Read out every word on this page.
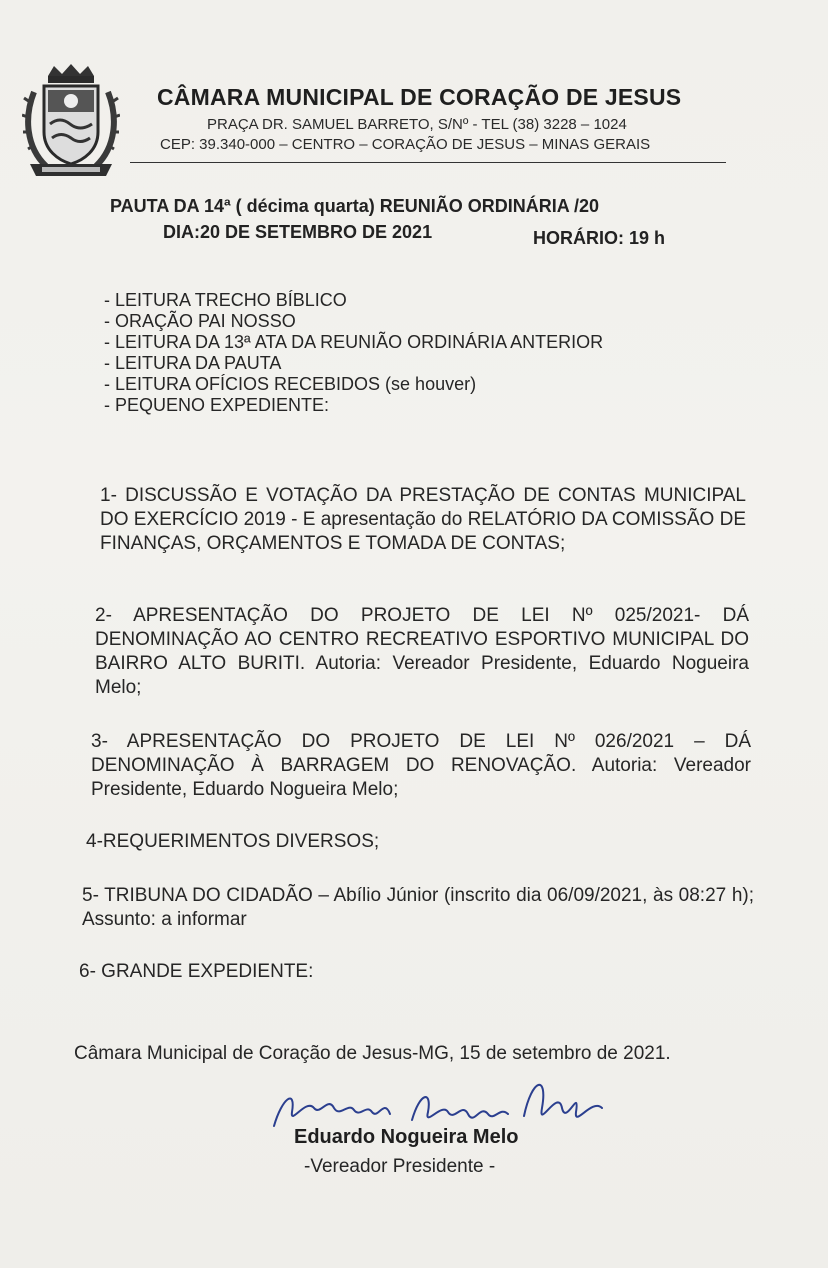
CÂMARA MUNICIPAL DE CORAÇÃO DE JESUS
PRAÇA DR. SAMUEL BARRETO, S/Nº - TEL (38) 3228 – 1024
CEP: 39.340-000 – CENTRO – CORAÇÃO DE JESUS – MINAS GERAIS
PAUTA DA 14ª ( décima quarta) REUNIÃO ORDINÁRIA /20
DIA:20 DE SETEMBRO DE 2021	HORÁRIO: 19 h
- LEITURA TRECHO BÍBLICO
- ORAÇÃO PAI NOSSO
- LEITURA DA 13ª ATA DA REUNIÃO ORDINÁRIA ANTERIOR
- LEITURA DA PAUTA
- LEITURA OFÍCIOS RECEBIDOS (se houver)
- PEQUENO EXPEDIENTE:
1- DISCUSSÃO E VOTAÇÃO DA PRESTAÇÃO DE CONTAS MUNICIPAL DO EXERCÍCIO 2019 - E apresentação do RELATÓRIO DA COMISSÃO DE FINANÇAS, ORÇAMENTOS E TOMADA DE CONTAS;
2- APRESENTAÇÃO DO PROJETO DE LEI Nº 025/2021- DÁ DENOMINAÇÃO AO CENTRO RECREATIVO ESPORTIVO MUNICIPAL DO BAIRRO ALTO BURITI. Autoria: Vereador Presidente, Eduardo Nogueira Melo;
3- APRESENTAÇÃO DO PROJETO DE LEI Nº 026/2021 – DÁ DENOMINAÇÃO À BARRAGEM DO RENOVAÇÃO. Autoria: Vereador Presidente, Eduardo Nogueira Melo;
4-REQUERIMENTOS DIVERSOS;
5- TRIBUNA DO CIDADÃO – Abílio Júnior (inscrito dia 06/09/2021, às 08:27 h); Assunto: a informar
6- GRANDE EXPEDIENTE:
Câmara Municipal de Coração de Jesus-MG, 15 de setembro de 2021.
Eduardo Nogueira Melo
-Vereador Presidente -
